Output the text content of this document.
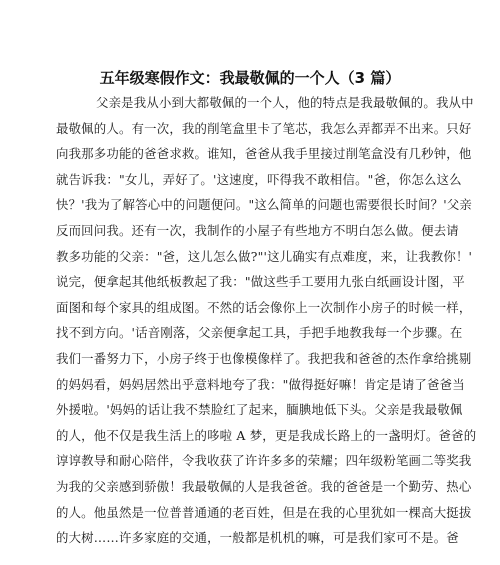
五年级寒假作文：我最敬佩的一个人（3 篇）
父亲是我从小到大都敬佩的一个人，他的特点是我最敬佩的。我从中
最敬佩的人。有一次，我的削笔盒里卡了笔芯，我怎么弄都弄不出来。只好
向我那多功能的爸爸求救。谁知，爸爸从我手里接过削笔盒没有几秒钟，他
就告诉我："女儿，弄好了。'这速度，吓得我不敢相信。"爸，你怎么这么
快？'我为了解答心中的问题便问。"这么简单的问题也需要很长时间？'父亲
反而回问我。还有一次，我制作的小屋子有些地方不明白怎么做。便去请
教多功能的父亲："爸，这儿怎么做?"'这儿确实有点难度，来，让我教你！'
说完，便拿起其他纸板教起了我："做这些手工要用九张白纸画设计图，平
面图和每个家具的组成图。不然的话会像你上一次制作小房子的时候一样，
找不到方向。'话音刚落，父亲便拿起工具，手把手地教我每一个步骤。在
我们一番努力下，小房子终于也像模像样了。我把我和爸爸的杰作拿给挑剔
的妈妈看，妈妈居然出乎意料地夸了我："做得挺好嘛！肯定是请了爸爸当
外援啦。'妈妈的话让我不禁脸红了起来，腼腆地低下头。父亲是我最敬佩
的人，他不仅是我生活上的哆啦 A 梦，更是我成长路上的一盏明灯。爸爸的
谆谆教导和耐心陪伴，令我收获了许许多多的荣耀；四年级粉笔画二等奖我
为我的父亲感到骄傲！我最敬佩的人是我爸爸。我的爸爸是一个勤劳、热心
的人。他虽然是一位普普通通的老百姓，但是在我的心里犹如一棵高大挺拔
的大树……许多家庭的交通，一般都是机机的嘛，可是我们家可不是。爸
